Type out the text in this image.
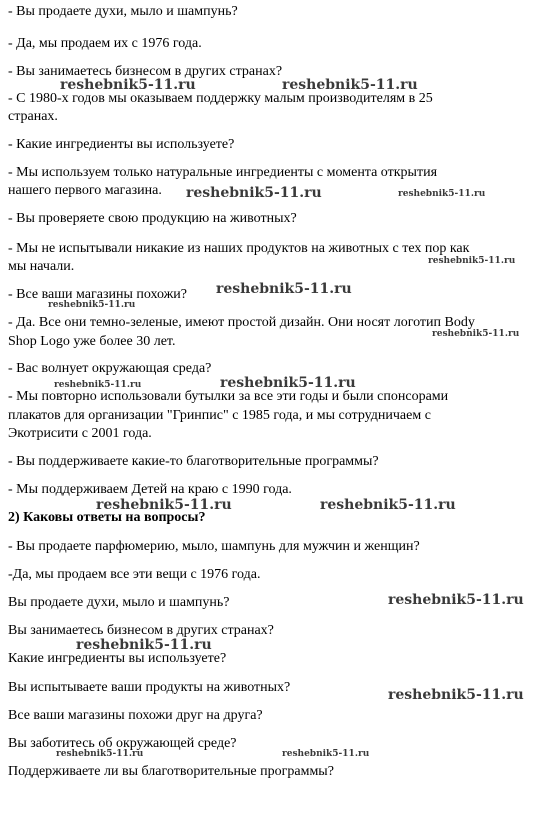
- Вы продаете духи, мыло и шампунь?

- Да, мы продаем их с 1976 года.

- Вы занимаетесь бизнесом в других странах?

- С 1980-х годов мы оказываем поддержку малым производителям в 25

странах.

- Какие ингредиенты вы используете?

- Мы используем только натуральные ингредиенты с момента открытия

нашего первого магазина.

- Вы проверяете свою продукцию на животных?

- Мы не испытывали никакие из наших продуктов на животных с тех пор как

мы начали.

- Все ваши магазины похожи?

- Да. Все они темно-зеленые, имеют простой дизайн. Они носят логотип Body

Shop Logo уже более 30 лет.

- Вас волнует окружающая среда?

- Мы повторно использовали бутылки за все эти годы и были спонсорами

плакатов для организации "Гринпис" с 1985 года, и мы сотрудничаем с

Экотрисити с 2001 года.

- Вы поддерживаете какие-то благотворительные программы?

- Мы поддерживаем Детей на краю с 1990 года.

2) Каковы ответы на вопросы?

- Вы продаете парфюмерию, мыло, шампунь для мужчин и женщин?

-Да, мы продаем все эти вещи с 1976 года.

Вы продаете духи, мыло и шампунь?

Вы занимаетесь бизнесом в других странах?

Какие ингредиенты вы используете?

Вы испытываете ваши продукты на животных?

Все ваши магазины похожи друг на друга?

Вы заботитесь об окружающей среде?

Поддерживаете ли вы благотворительные программы?

reshebnik5-11.ru	reshebnik5-11.ru
reshebnik5-11.ru	reshebnik5-11.ru
reshebnik5-11.ru
reshebnik5-11.ru
reshebnik5-11.ru
reshebnik5-11.ru
reshebnik5-11.ru	reshebnik5-11.ru
reshebnik5-11.ru	reshebnik5-11.ru
reshebnik5-11.ru
reshebnik5-11.ru
reshebnik5-11.ru
reshebnik5-11.ru	reshebnik5-11.ru
